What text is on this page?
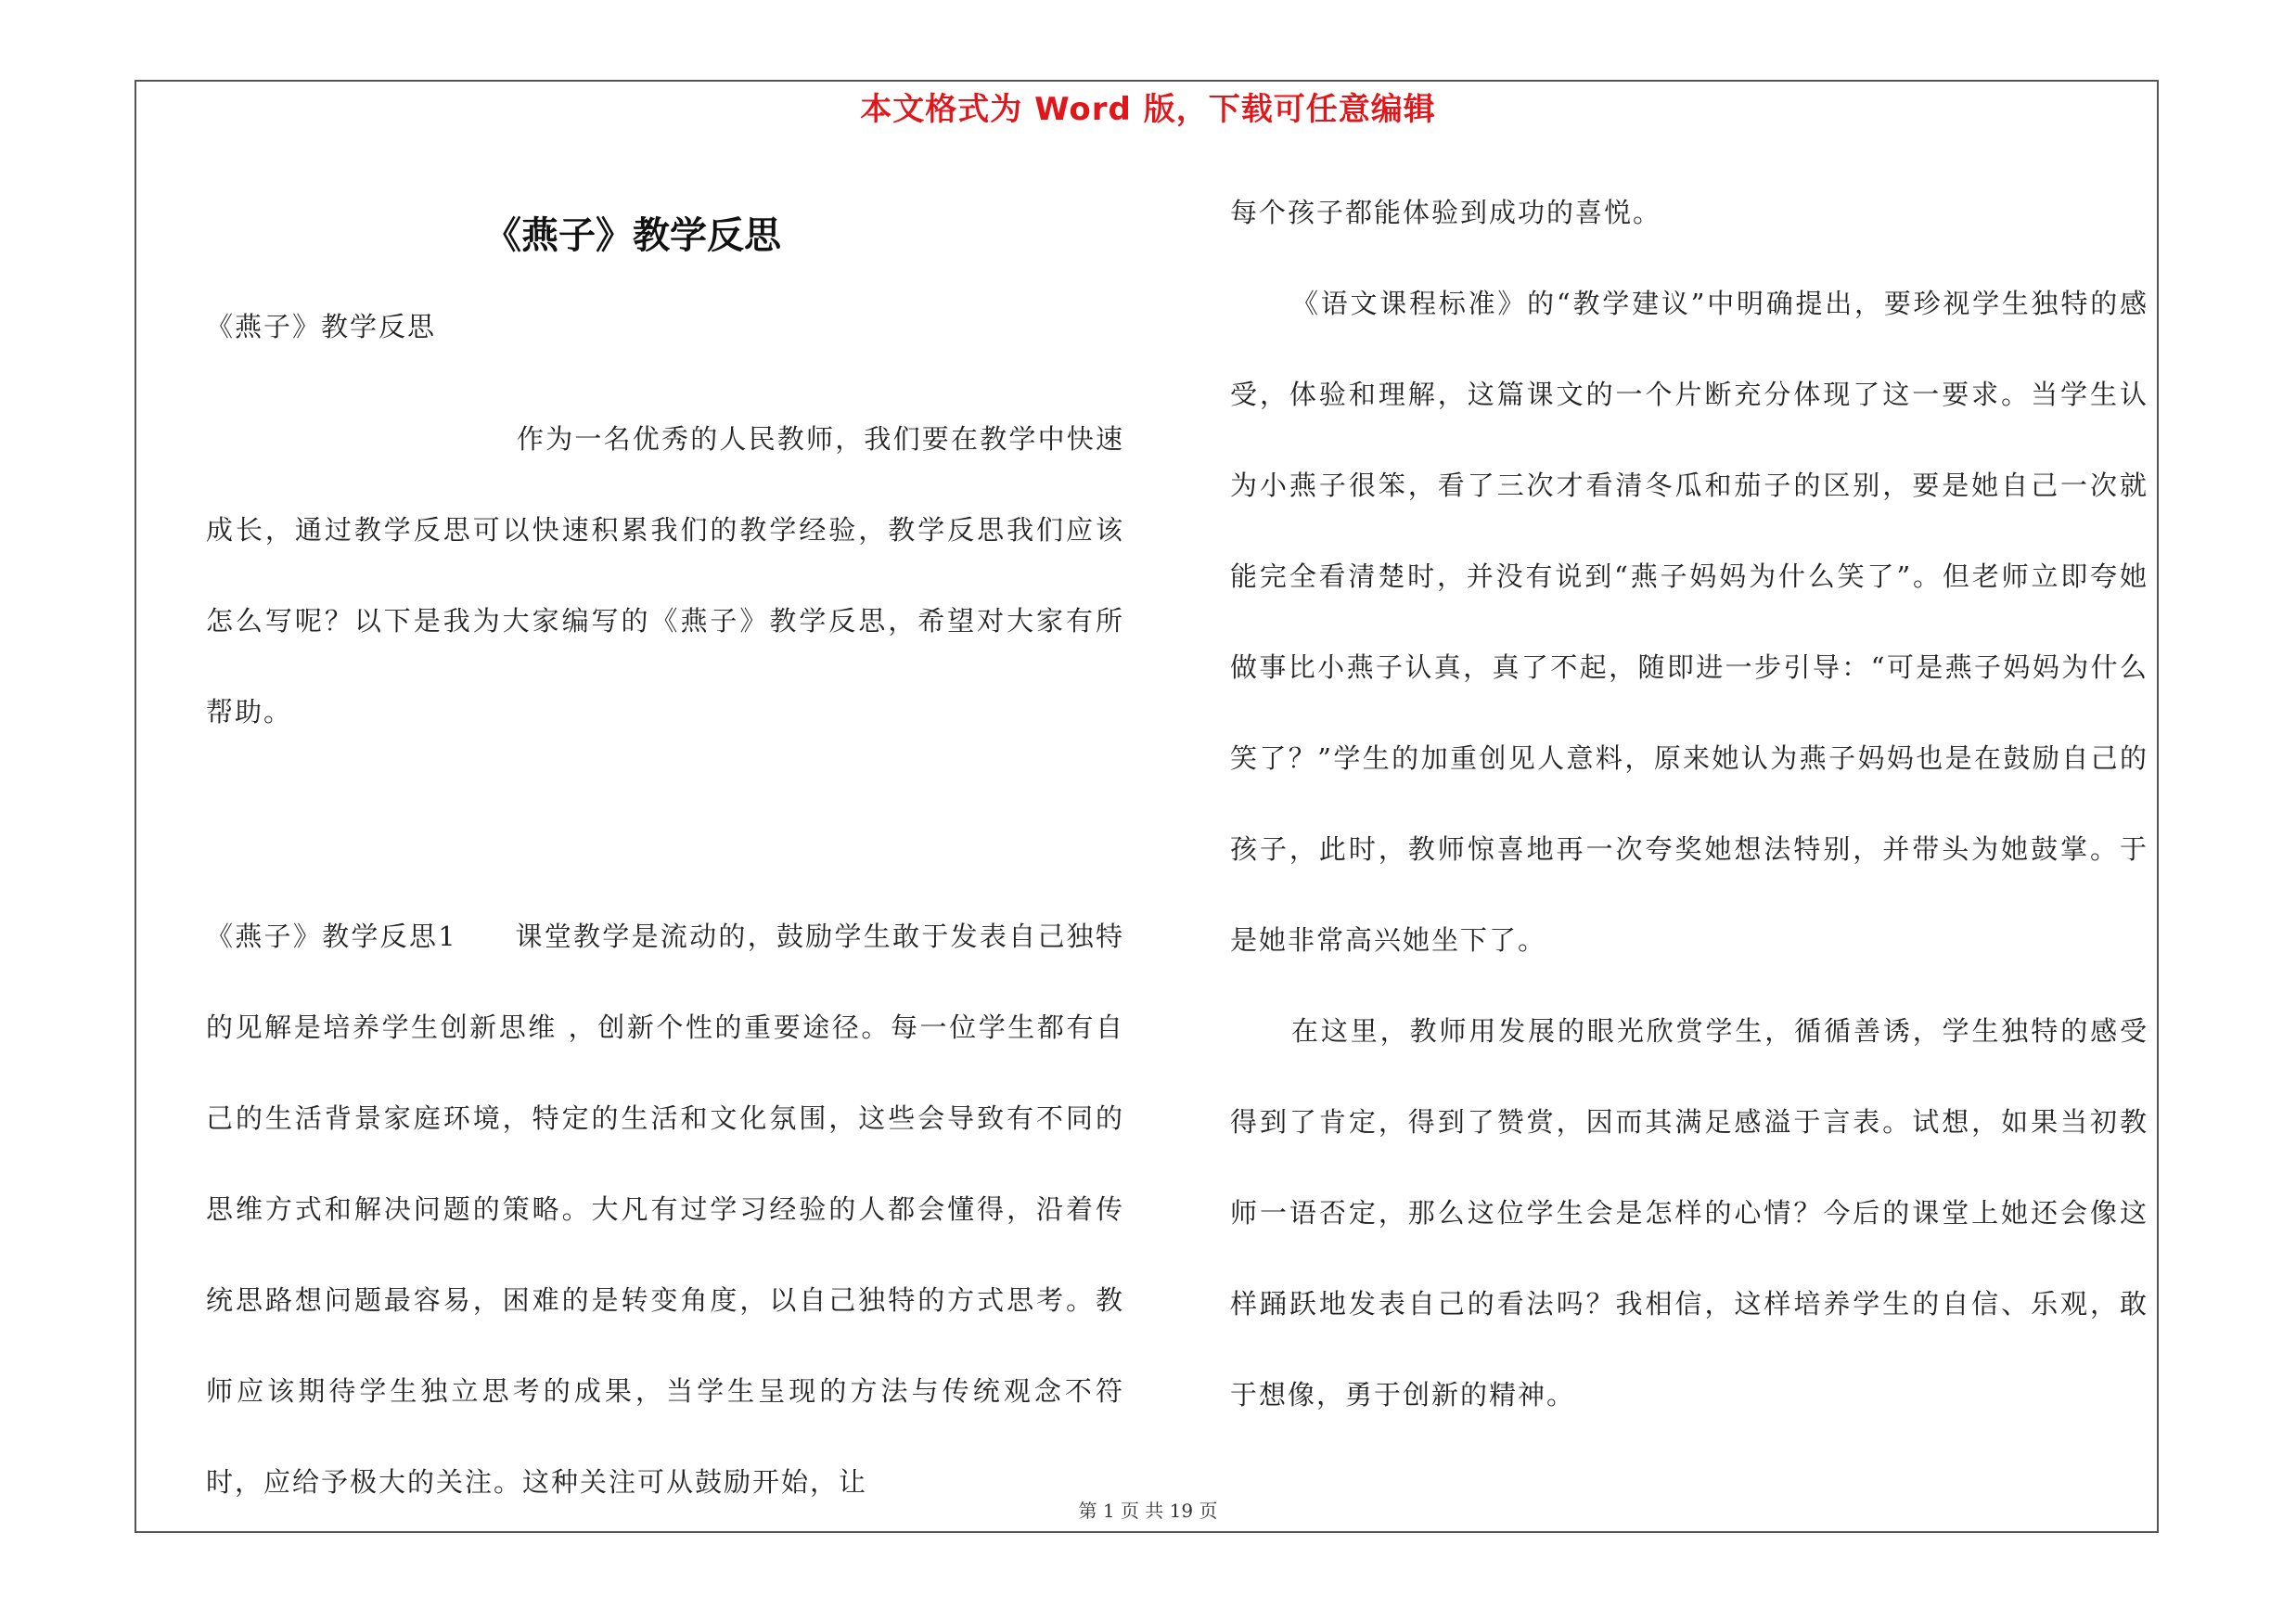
本文格式为 Word 版，下载可任意编辑
《燕子》教学反思
《燕子》教学反思

作为一名优秀的人民教师，我们要在教学中快速成长，通过教学反思可以快速积累我们的教学经验，教学反思我们应该怎么写呢？以下是我为大家编写的《燕子》教学反思，希望对大家有所帮助。

《燕子》教学反思1　　课堂教学是流动的，鼓励学生敢于发表自己独特的见解是培养学生创新思维 ，创新个性的重要途径。每一位学生都有自己的生活背景家庭环境，特定的生活和文化氛围，这些会导致有不同的思维方式和解决问题的策略。大凡有过学习经验的人都会懂得，沿着传统思路想问题最容易，困难的是转变角度，以自己独特的方式思考。教师应该期待学生独立思考的成果，当学生呈现的方法与传统观念不符时，应给予极大的关注。这种关注可从鼓励开始，让

每个孩子都能体验到成功的喜悦。

《语文课程标准》的“教学建议”中明确提出，要珍视学生独特的感受，体验和理解，这篇课文的一个片断充分体现了这一要求。当学生认为小燕子很笨，看了三次才看清冬瓜和茄子的区别，要是她自己一次就能完全看清楚时，并没有说到“燕子妈妈为什么笑了”。但老师立即夸她做事比小燕子认真，真了不起，随即进一步引导：“可是燕子妈妈为什么笑了？”学生的加重创见人意料，原来她认为燕子妈妈也是在鼓励自己的孩子，此时，教师惊喜地再一次夸奖她想法特别，并带头为她鼓掌。于是她非常高兴她坐下了。

在这里，教师用发展的眼光欣赏学生，循循善诱，学生独特的感受得到了肯定，得到了赞赏，因而其满足感溢于言表。试想，如果当初教师一语否定，那么这位学生会是怎样的心情？今后的课堂上她还会像这样踊跃地发表自己的看法吗？我相信，这样培养学生的自信、乐观，敢于想像，勇于创新的精神。

第 1 页 共 19 页
